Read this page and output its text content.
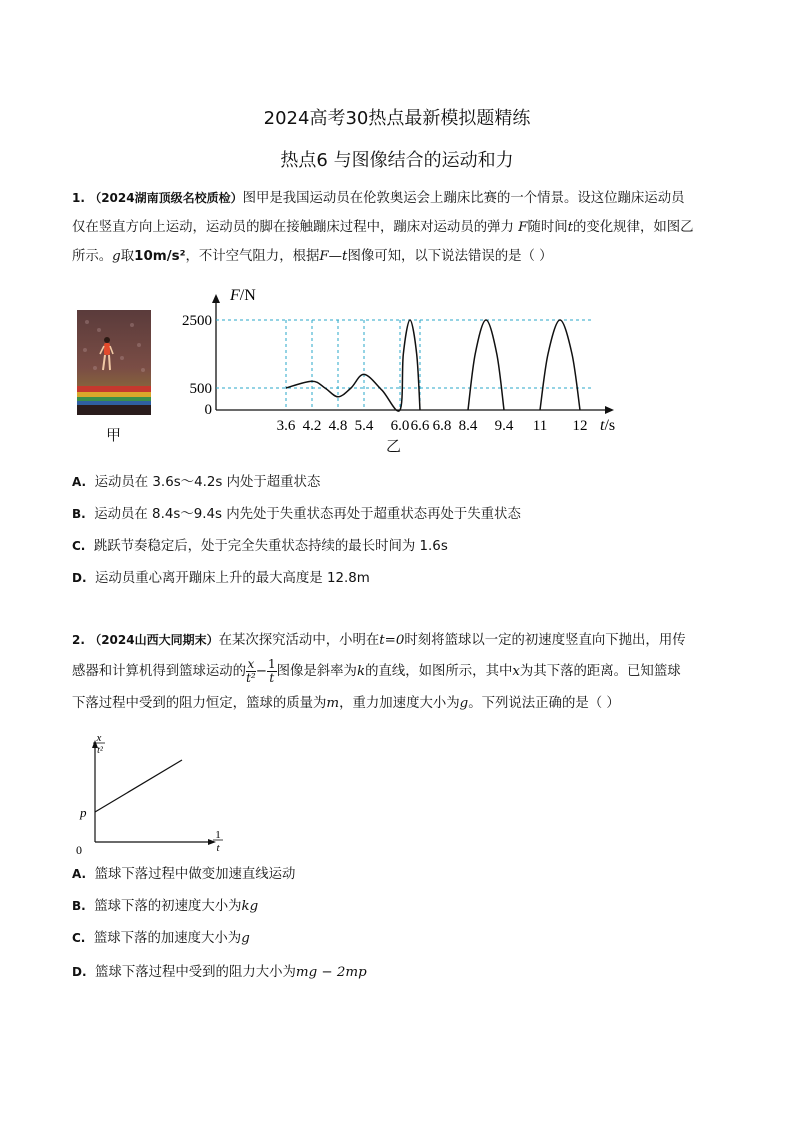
2024高考30热点最新模拟题精练
热点6 与图像结合的运动和力
1. （2024湖南顶级名校质检）图甲是我国运动员在伦敦奥运会上蹦床比赛的一个情景。设这位蹦床运动员
仅在竖直方向上运动，运动员的脚在接触蹦床过程中，蹦床对运动员的弹力 F随时间t的变化规律，如图乙
所示。g取10m/s²，不计空气阻力，根据F—t图像可知，以下说法错误的是（ ）
甲
2500
500
0
3.6 4.2 4.8 5.4 6.0 6.6 6.8 8.4 9.4 11 12
F/N
t/s
乙
A. 运动员在 3.6s～4.2s 内处于超重状态
B. 运动员在 8.4s～9.4s 内先处于失重状态再处于超重状态再处于失重状态
C. 跳跃节奏稳定后，处于完全失重状态持续的最长时间为 1.6s
D. 运动员重心离开蹦床上升的最大高度是 12.8m
2. （2024山西大同期末）在某次探究活动中，小明在t=0时刻将篮球以一定的初速度竖直向下抛出，用传
感器和计算机得到篮球运动的 $\frac{x}{\text{t²}} - \frac{1}{t}$ 图像是斜率为k的直线，如图所示，其中x为其下落的距离。已知篮球
下落过程中受到的阻力恒定，篮球的质量为m，重力加速度大小为g。下列说法正确的是（ ）
x
t²
1
t
p
0
A. 篮球下落过程中做变加速直线运动
B. 篮球下落的初速度大小为kg
C. 篮球下落的加速度大小为g
D. 篮球下落过程中受到的阻力大小为mg − 2mp
